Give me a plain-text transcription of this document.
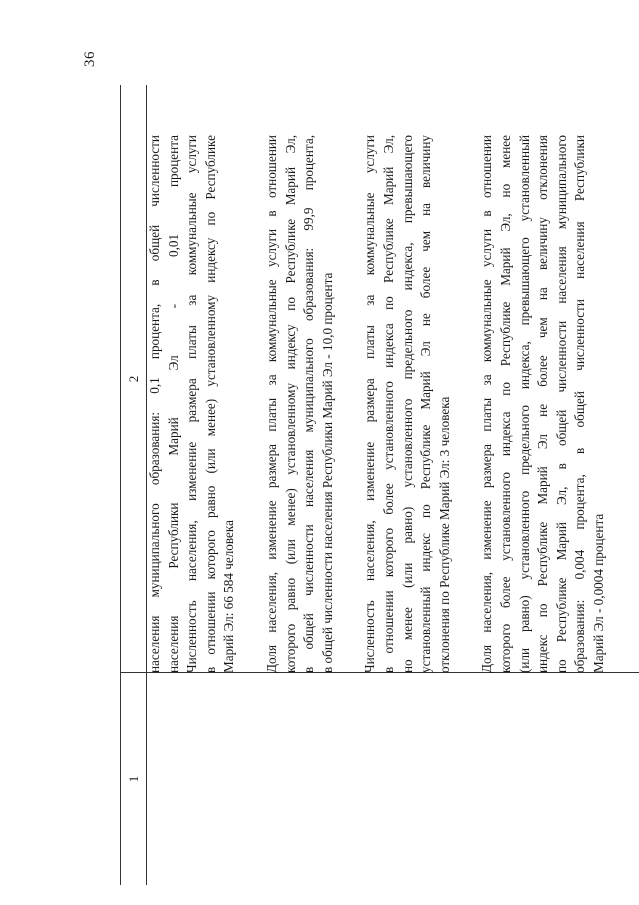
36
1
2 населения муниципального образования: 0,1 процента, в общей численности населения Республики Марий Эл - 0,01 процента Численность населения, изменение размера платы за коммунальные услуги в отношении которого равно (или менее) установленному индексу по Республике Марий Эл: 66 584 человека Доля населения, изменение размера платы за коммунальные услуги в отношении которого равно (или менее) установленному индексу по Республике Марий Эл, в общей численности населения муниципального образования: 99,9 процента, в общей численности населения Республики Марий Эл - 10,0 процента Численность населения, изменение размера платы за коммунальные услуги в отношении которого более установленного индекса по Республике Марий Эл, но менее (или равно) установленного предельного индекса, превышающего установленный индекс по Республике Марий Эл не более чем на величину отклонения по Республике Марий Эл: 3 человека Доля населения, изменение размера платы за коммунальные услуги в отношении которого более установленного индекса по Республике Марий Эл, но менее (или равно) установленного предельного индекса, превышающего установленный индекс по Республике Марий Эл не более чем на величину отклонения по Республике Марий Эл, в общей численности населения муниципального образования: 0,004 процента, в общей численности населения Республики Марий Эл - 0,0004 процента
